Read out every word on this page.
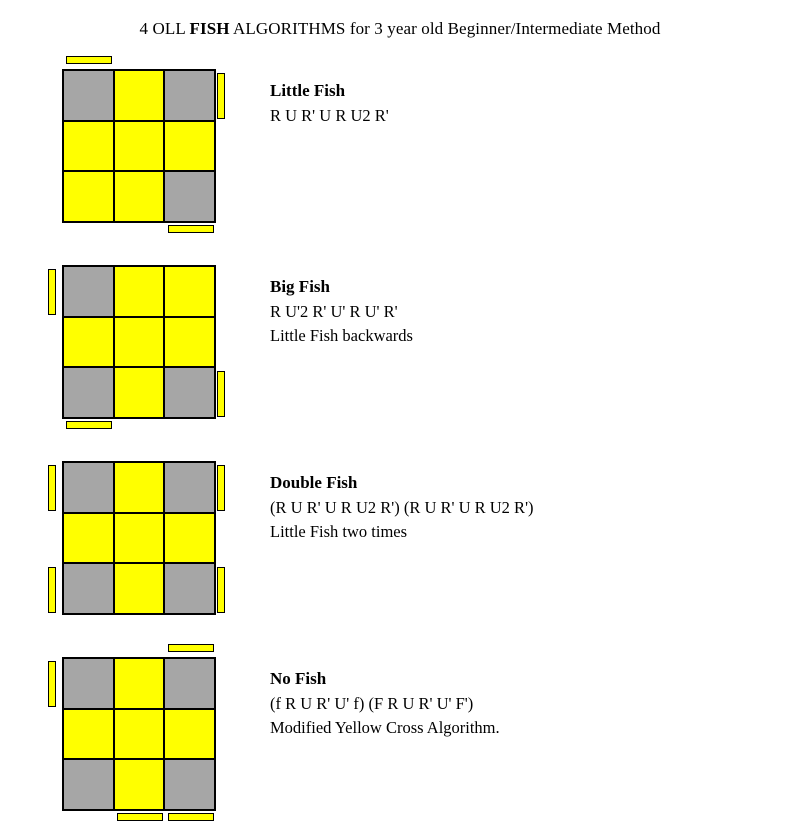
4 OLL FISH ALGORITHMS for 3 year old Beginner/Intermediate Method
Little Fish
R U R' U R U2 R'
Big Fish
R U'2 R' U' R U' R'
Little Fish backwards
Double Fish
(R U R' U R U2 R') (R U R' U R U2 R')
Little Fish two times
No Fish
(f R U R' U' f) (F R U R' U' F')
Modified Yellow Cross Algorithm.
